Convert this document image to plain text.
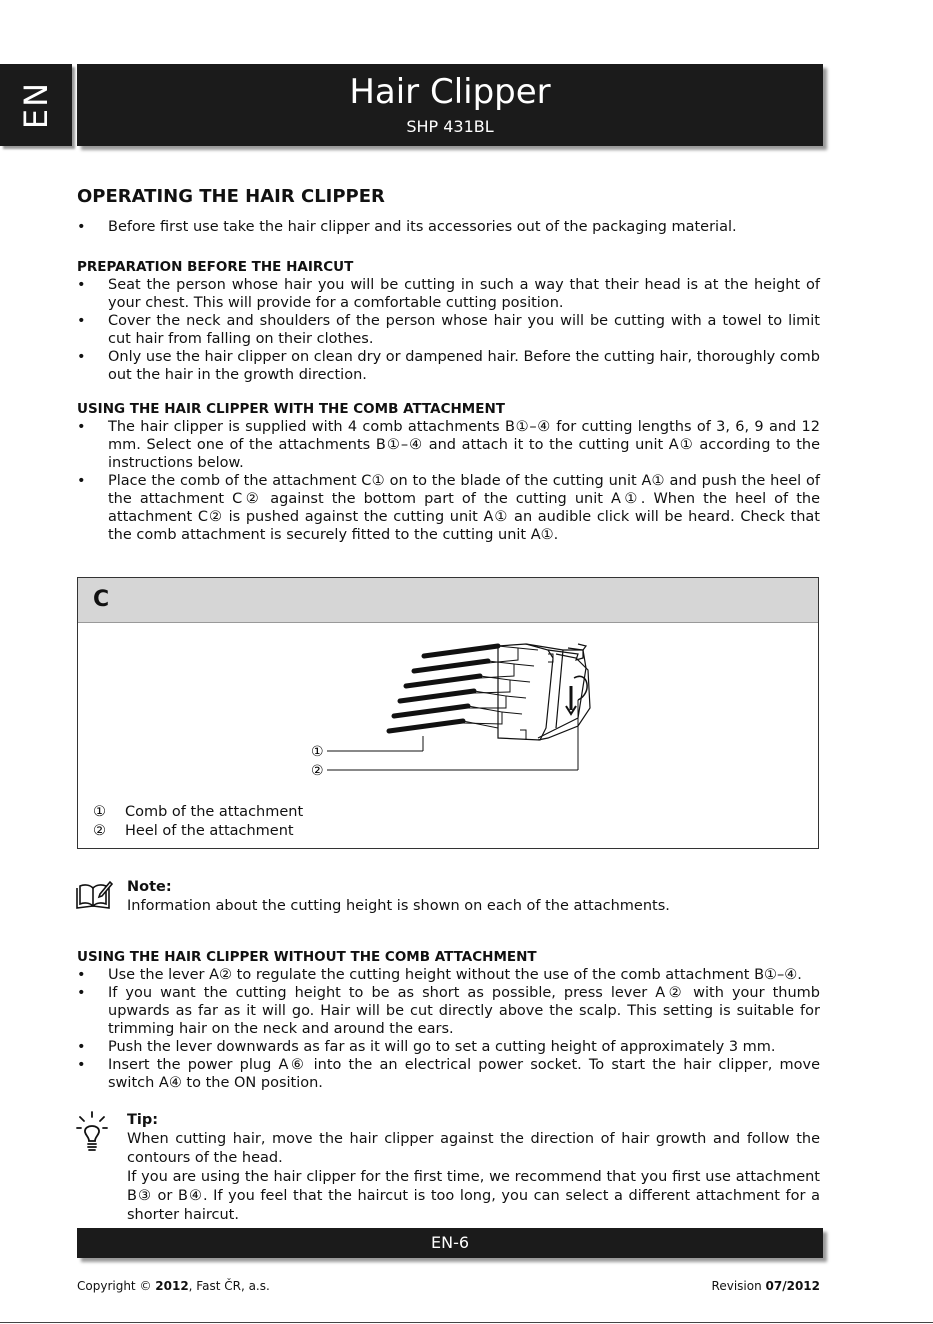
EN	Hair Clipper
SHP 431BL
OPERATING THE HAIR CLIPPER
• Before first use take the hair clipper and its accessories out of the packaging material.
PREPARATION BEFORE THE HAIRCUT
• Seat the person whose hair you will be cutting in such a way that their head is at the height of your chest. This will provide for a comfortable cutting position.
• Cover the neck and shoulders of the person whose hair you will be cutting with a towel to limit cut hair from falling on their clothes.
• Only use the hair clipper on clean dry or dampened hair. Before the cutting hair, thoroughly comb out the hair in the growth direction.
USING THE HAIR CLIPPER WITH THE COMB ATTACHMENT
• The hair clipper is supplied with 4 comb attachments B①–④ for cutting lengths of 3, 6, 9 and 12 mm. Select one of the attachments B①–④ and attach it to the cutting unit A① according to the instructions below.
• Place the comb of the attachment C① on to the blade of the cutting unit A① and push the heel of the attachment C② against the bottom part of the cutting unit A①. When the heel of the attachment C② is pushed against the cutting unit A① an audible click will be heard. Check that the comb attachment is securely fitted to the cutting unit A①.
C
①
②
① Comb of the attachment
② Heel of the attachment
Note:
Information about the cutting height is shown on each of the attachments.
USING THE HAIR CLIPPER WITHOUT THE COMB ATTACHMENT
• Use the lever A② to regulate the cutting height without the use of the comb attachment B①–④.
• If you want the cutting height to be as short as possible, press lever A② with your thumb upwards as far as it will go. Hair will be cut directly above the scalp. This setting is suitable for trimming hair on the neck and around the ears.
• Push the lever downwards as far as it will go to set a cutting height of approximately 3 mm.
• Insert the power plug A⑥ into the an electrical power socket. To start the hair clipper, move switch A④ to the ON position.
Tip:
When cutting hair, move the hair clipper against the direction of hair growth and follow the contours of the head.
If you are using the hair clipper for the first time, we recommend that you first use attachment B③ or B④. If you feel that the haircut is too long, you can select a different attachment for a shorter haircut.
EN-6
Copyright © 2012, Fast ČR, a.s.	Revision 07/2012
